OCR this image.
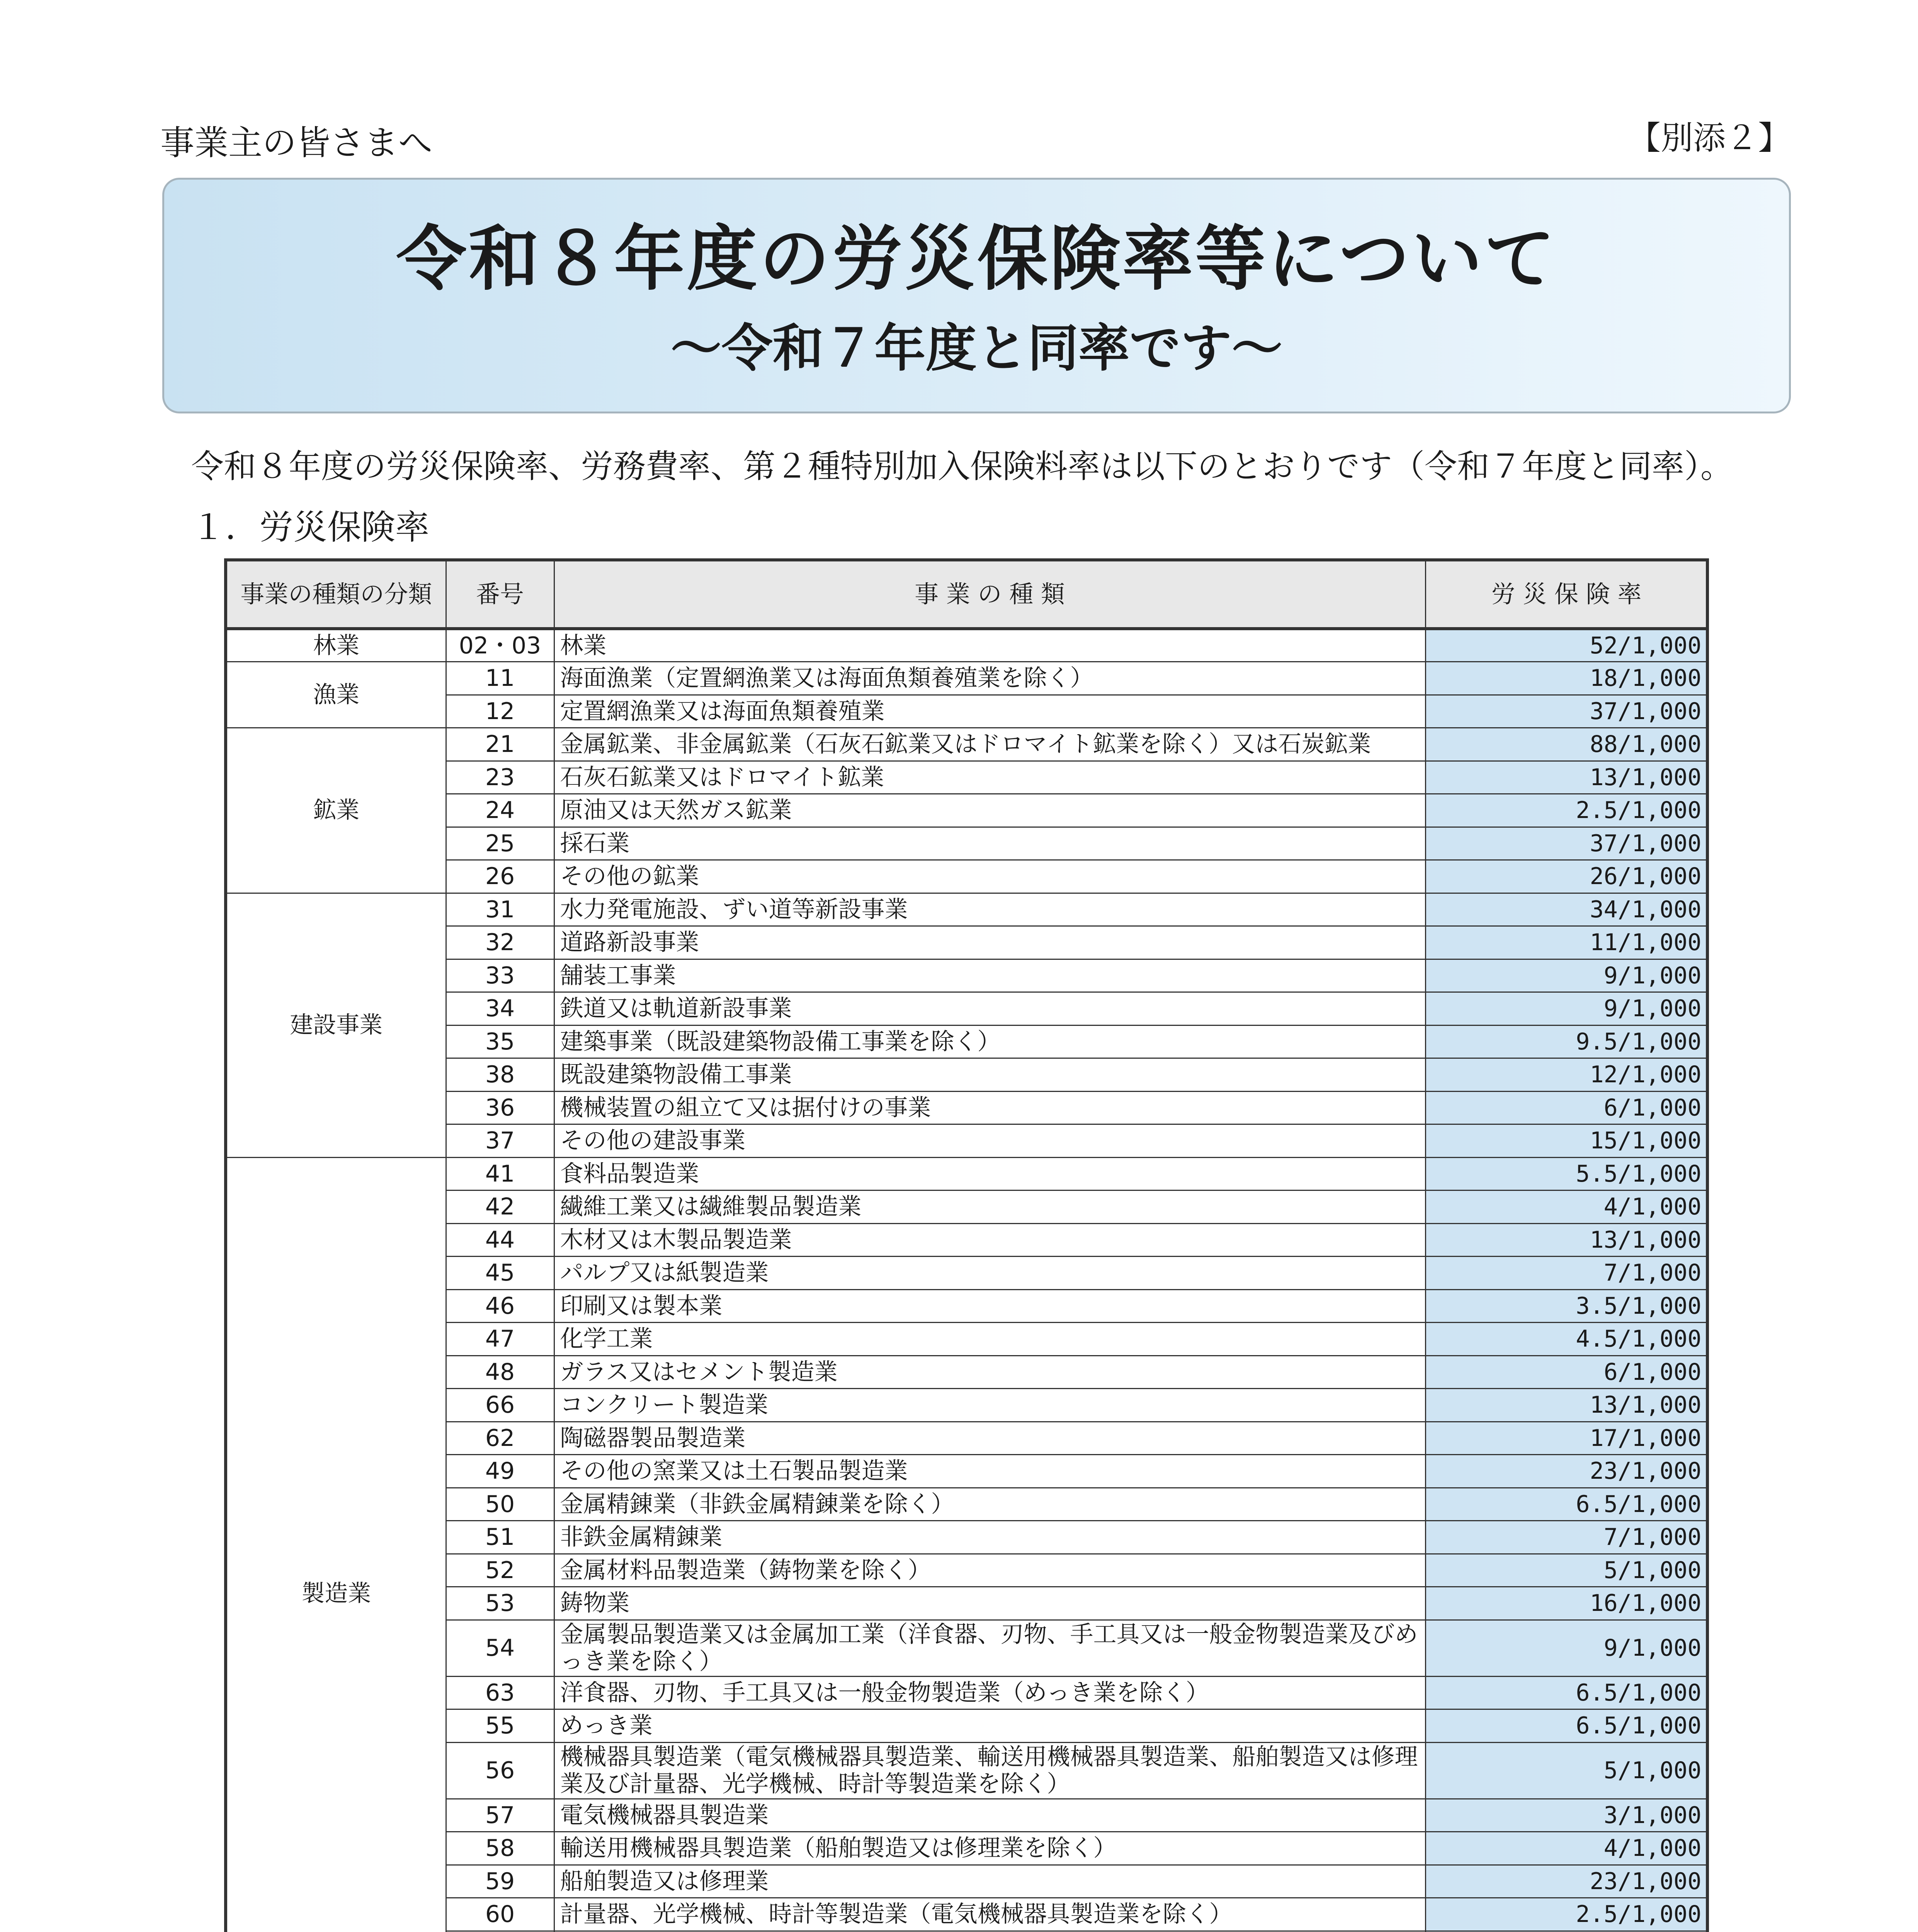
事業主の皆さまへ	【別添２】
令和８年度の労災保険率等について
～令和７年度と同率です～
令和８年度の労災保険率、労務費率、第２種特別加入保険料率は以下のとおりです（令和７年度と同率）。
１．労災保険率
事業の種類の分類	番号	事 業 の 種 類	労 災 保 険 率	
林業	02・03	林業	52/1,000	
漁業	11	海面漁業（定置網漁業又は海面魚類養殖業を除く）	18/1,000	
	12	定置網漁業又は海面魚類養殖業	37/1,000	
鉱業	21	金属鉱業、非金属鉱業（石灰石鉱業又はドロマイト鉱業を除く）又は石炭鉱業	88/1,000	
	23	石灰石鉱業又はドロマイト鉱業	13/1,000	
	24	原油又は天然ガス鉱業	2.5/1,000	
	25	採石業	37/1,000	
	26	その他の鉱業	26/1,000	
建設事業	31	水力発電施設、ずい道等新設事業	34/1,000	
	32	道路新設事業	11/1,000	
	33	舗装工事業	9/1,000	
	34	鉄道又は軌道新設事業	9/1,000	
	35	建築事業（既設建築物設備工事業を除く）	9.5/1,000	
	38	既設建築物設備工事業	12/1,000	
	36	機械装置の組立て又は据付けの事業	6/1,000	
	37	その他の建設事業	15/1,000	
製造業	41	食料品製造業	5.5/1,000	
	42	繊維工業又は繊維製品製造業	4/1,000	
	44	木材又は木製品製造業	13/1,000	
	45	パルプ又は紙製造業	7/1,000	
	46	印刷又は製本業	3.5/1,000	
	47	化学工業	4.5/1,000	
	48	ガラス又はセメント製造業	6/1,000	
	66	コンクリート製造業	13/1,000	
	62	陶磁器製品製造業	17/1,000	
	49	その他の窯業又は土石製品製造業	23/1,000	
	50	金属精錬業（非鉄金属精錬業を除く）	6.5/1,000	
	51	非鉄金属精錬業	7/1,000	
	52	金属材料品製造業（鋳物業を除く）	5/1,000	
	53	鋳物業	16/1,000	
	54	金属製品製造業又は金属加工業（洋食器、刃物、手工具又は一般金物製造業及びめっき業を除く）	9/1,000	
	63	洋食器、刃物、手工具又は一般金物製造業（めっき業を除く）	6.5/1,000	
	55	めっき業	6.5/1,000	
	56	機械器具製造業（電気機械器具製造業、輸送用機械器具製造業、船舶製造又は修理業及び計量器、光学機械、時計等製造業を除く）	5/1,000	
	57	電気機械器具製造業	3/1,000	
	58	輸送用機械器具製造業（船舶製造又は修理業を除く）	4/1,000	
	59	船舶製造又は修理業	23/1,000	
	60	計量器、光学機械、時計等製造業（電気機械器具製造業を除く）	2.5/1,000	
